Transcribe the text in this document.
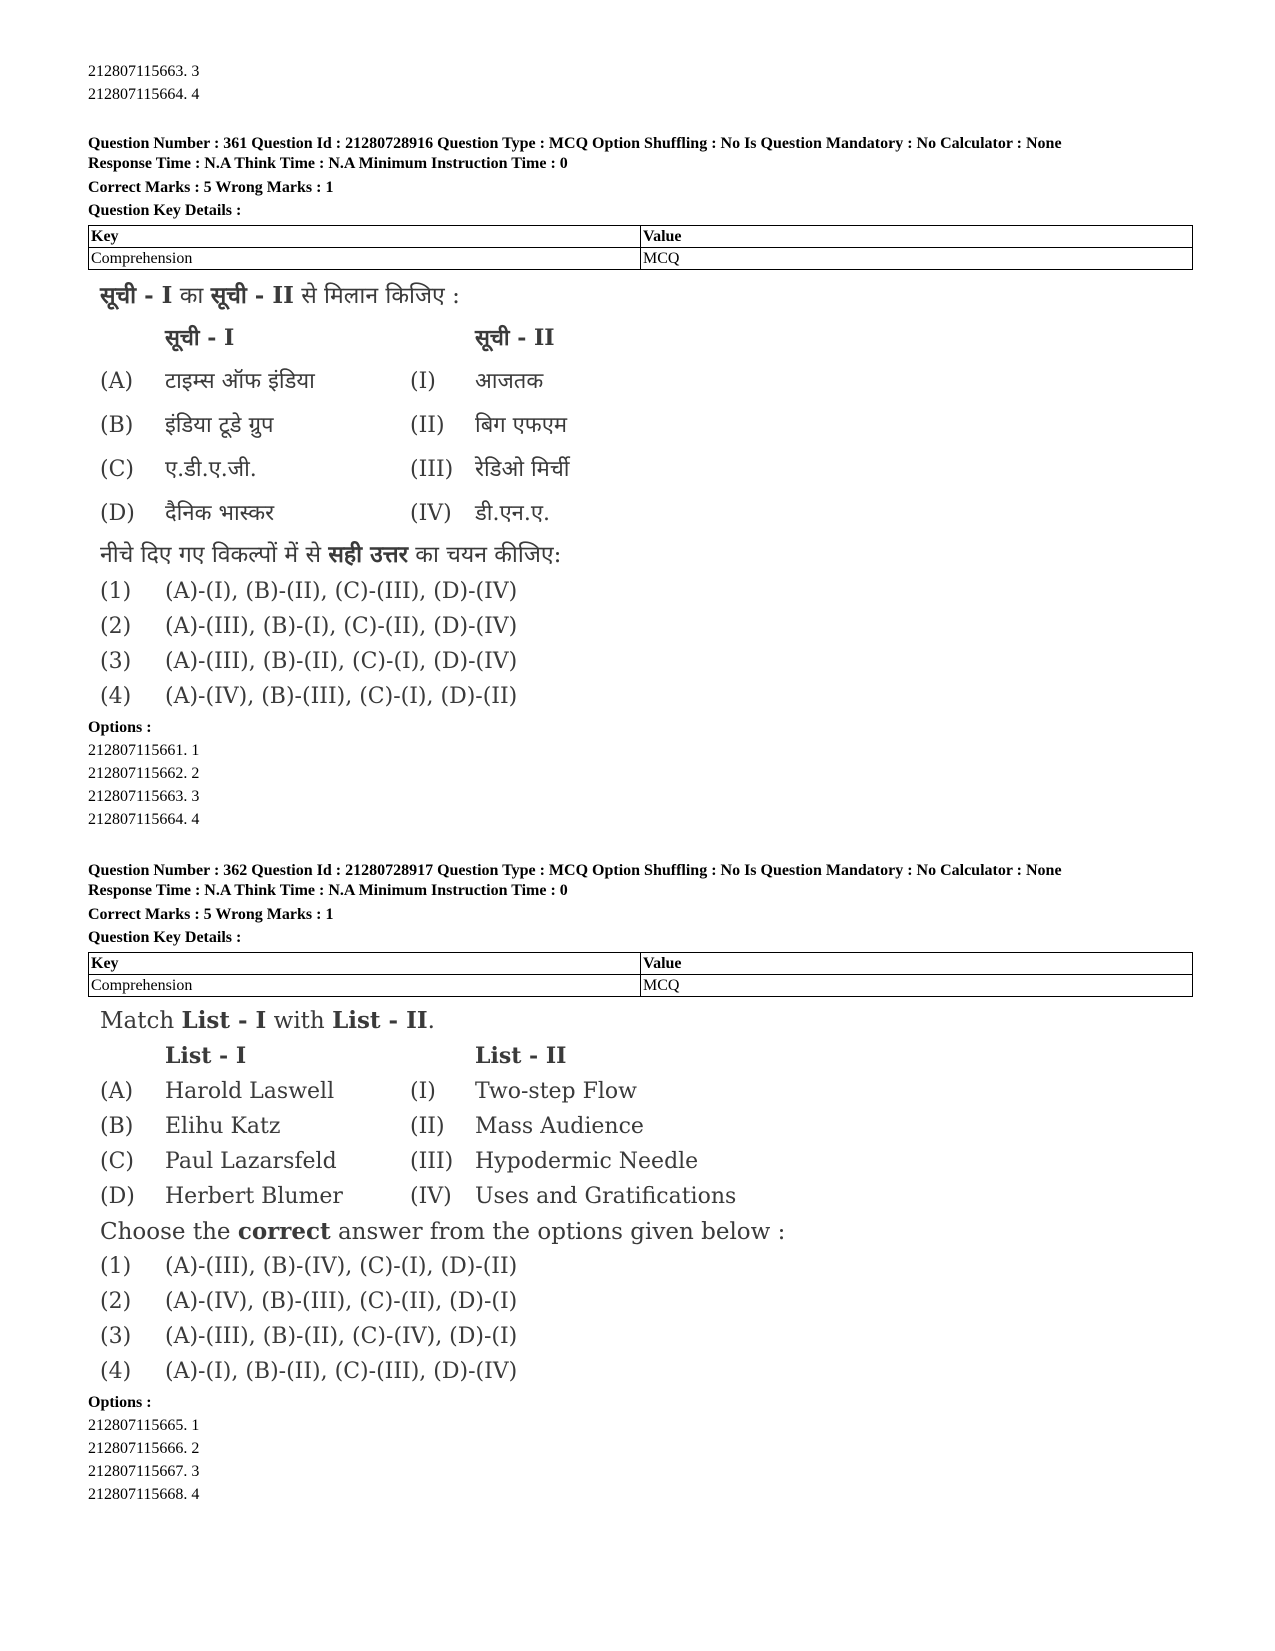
212807115663. 3
212807115664. 4
Question Number : 361 Question Id : 21280728916 Question Type : MCQ Option Shuffling : No Is Question Mandatory : No Calculator : None
Response Time : N.A Think Time : N.A Minimum Instruction Time : 0
Correct Marks : 5 Wrong Marks : 1
Question Key Details :
Key	Value
Comprehension	MCQ
सूची - I का सूची - II से मिलान किजिए :
सूची - I	सूची - II
(A)	टाइम्स ऑफ इंडिया	(I)	आजतक
(B)	इंडिया टूडे ग्रुप	(II)	बिग एफएम
(C)	ए.डी.ए.जी.	(III) रेडिओ मिर्ची
(D)	दैनिक भास्कर	(IV)	डी.एन.ए.
नीचे दिए गए विकल्पों में से सही उत्तर का चयन कीजिए:
(1)	(A)-(I), (B)-(II), (C)-(III), (D)-(IV)
(2)	(A)-(III), (B)-(I), (C)-(II), (D)-(IV)
(3)	(A)-(III), (B)-(II), (C)-(I), (D)-(IV)
(4)	(A)-(IV), (B)-(III), (C)-(I), (D)-(II)
Options :
212807115661. 1
212807115662. 2
212807115663. 3
212807115664. 4
Question Number : 362 Question Id : 21280728917 Question Type : MCQ Option Shuffling : No Is Question Mandatory : No Calculator : None
Response Time : N.A Think Time : N.A Minimum Instruction Time : 0
Correct Marks : 5 Wrong Marks : 1
Question Key Details :
Key	Value
Comprehension	MCQ
Match List - I with List - II.
List - I	List - II
(A)	Harold Laswell	(I)	Two-step Flow
(B)	Elihu Katz	(II)	Mass Audience
(C)	Paul Lazarsfeld	(III) Hypodermic Needle
(D)	Herbert Blumer	(IV)	Uses and Gratifications
Choose the correct answer from the options given below :
(1)	(A)-(III), (B)-(IV), (C)-(I), (D)-(II)
(2)	(A)-(IV), (B)-(III), (C)-(II), (D)-(I)
(3)	(A)-(III), (B)-(II), (C)-(IV), (D)-(I)
(4)	(A)-(I), (B)-(II), (C)-(III), (D)-(IV)
Options :
212807115665. 1
212807115666. 2
212807115667. 3
212807115668. 4
